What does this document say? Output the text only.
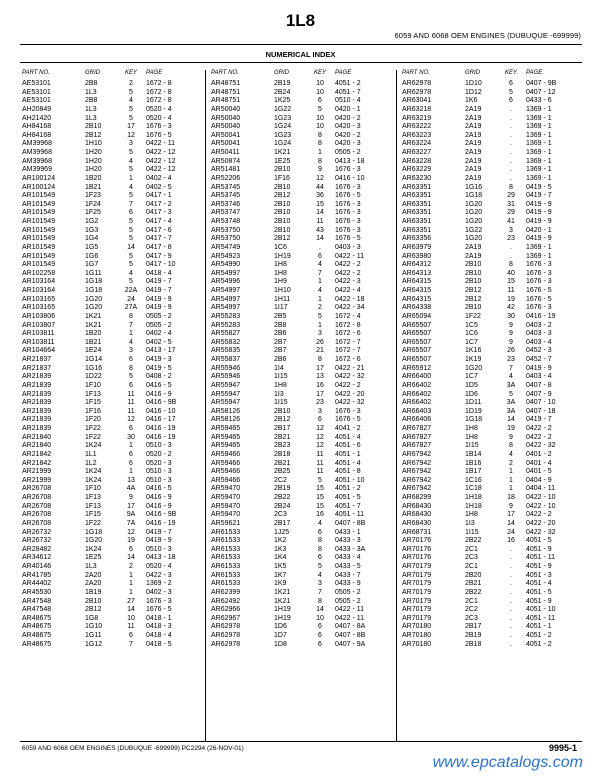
1L8
6059 AND 6068 OEM ENGINES (DUBUQUE -699999)
NUMERICAL INDEX
PART NO.	GRID	KEY PAGE	PART NO.	GRID	KEY PAGE	PART NO.	GRID	KEY PAGE
AE53101	2B8	2	1672 - 8
AE53101	1L3	5	1672 - 8
AE53101	2B8	4	1672 - 8
AH20849	1L3	5	0520 - 4
AH21420	1L3	5	0520 - 4
AH84168	2B10	17	1676 - 3
AH84168	2B12	12	1676 - 5
AM39968	1H10	3	0422 - 11
AM39968	1H20	5	0422 - 12
AM39968	1H20	4	0422 - 12
AM39969	1H20	5	0422 - 12
AR100124	1B20	1	0402 - 4
AR100124	1B21	4	0402 - 5
AR101549	1F23	5	0417 - 1
AR101549	1F24	7	0417 - 2
AR101549	1F25	6	0417 - 3
AR101549	1G2	5	0417 - 4
AR101549	1G3	5	0417 - 6
AR101549	1G4	5	0417 - 7
AR101549	1G5	14	0417 - 8
AR101549	1G6	5	0417 - 9
AR101549	1G7	5	0417 - 10
AR102258	1G11	4	0418 - 4
AR103164	1G18	5	0419 - 7
AR103164	1G18	22A 0419 - 7
AR103165	1G20	24	0419 - 9
AR103165	1G20	27A 0419 - 9
AR103806	1K21	8	0505 - 2
AR103807	1K21	7	0505 - 2
AR103811	1B20	1	0402 - 4
AR103811	1B21	4	0402 - 5
AR104664	1E24	3	0413 - 17
AR21837	1G14	6	0419 - 3
AR21837	1G16	8	0419 - 5
AR21839	1D22	5	0408 - 2
AR21839	1F10	6	0416 - 5
AR21839	1F13	11	0416 - 9
AR21839	1F15	11	0416 - 9B
AR21839	1F16	11	0416 - 10
AR21839	1F20	12	0416 - 17
AR21839	1F22	6	0416 - 19
AR21840	1F22	30	0416 - 19
AR21840	1K24	1	0510 - 3
AR21842	1L1	6	0520 - 2
AR21842	1L2	6	0520 - 3
AR21999	1K24	1	0510 - 3
AR21999	1K24	13	0510 - 3
AR26708	1F10	4A	0416 - 5
AR26708	1F13	9	0416 - 9
AR26708	1F13	17	0416 - 9
AR26708	1F15	9A	0416 - 9B
AR26708	1F22	7A	0416 - 19
AR26732	1G18	12	0419 - 7
AR26732	1G20	19	0419 - 9
AR28482	1K24	6	0510 - 3
AR34612	1E25	14	0413 - 18
AR40146	1L3	2	0520 - 4
AR41785	2A20	1	0422 - 3
AR44402	2A20	1	1369 - 2
AR45530	1B19	1	0402 - 3
AR47548	2B10	27	1676 - 3
AR47548	2B12	14	1676 - 5
AR48675	1G8	10	0418 - 1
AR48675	1G10	11	0418 - 3
AR48675	1G11	6	0418 - 4
AR48675	1G12	7	0418 - 5
AR48751	2B19	10	4051 - 2
AR48751	2B24	10	4051 - 7
AR48751	1K25	6	0510 - 4
AR50040	1G22	5	0420 - 1
AR50040	1G23	10	0420 - 2
AR50040	1G24	10	0420 - 3
AR50041	1G23	8	0420 - 2
AR50041	1G24	8	0420 - 3
AR50411	1K21	1	0505 - 2
AR50874	1E25	8	0413 - 18
AR51481	2B10	9	1676 - 3
AR52206	1F16	12	0416 - 10
AR53745	2B10	44	1676 - 3
AR53745	2B12	36	1676 - 5
AR53746	2B10	15	1676 - 3
AR53747	2B10	14	1676 - 3
AR53748	2B10	11	1676 - 3
AR53750	2B10	43	1676 - 3
AR53750	2B12	14	1676 - 5
AR54749	1C6	.	0403 - 3
AR54923	1H19	6	0422 - 11
AR54990	1H8	4	0422 - 2
AR54997	1H8	7	0422 - 2
AR54996	1H9	1	0422 - 3
AR54997	1H10	4	0422 - 4
AR54997	1H11	1	0422 - 18
AR54997	1I17	2	0422 - 34
AR55283	2B5	5	1672 - 4
AR55283	2B8	1	1672 - 8
AR55827	2B6	3	1672 - 6
AR55832	2B7	26	1672 - 7
AR55835	2B7	21	1672 - 7
AR55837	2B6	8	1672 - 6
AR55946	1I4	17	0422 - 21
AR55946	1I15	13	0422 - 32
AR55947	1H8	16	0422 - 2
AR55947	1I3	17	0422 - 20
AR55947	1I15	23	0422 - 32
AR58126	2B10	3	1676 - 3
AR58126	2B12	6	1676 - 5
AR59465	2B17	12	4041 - 2
AR59465	2B21	12	4051 - 4
AR59465	2B23	12	4051 - 6
AR59466	2B18	11	4051 - 1
AR59466	2B21	11	4051 - 4
AR59466	2B25	11	4051 - 8
AR59466	2C2	5	4051 - 10
AR59470	2B19	15	4051 - 2
AR59470	2B22	15	4051 - 5
AR59470	2B24	15	4051 - 7
AR59470	2C3	16	4051 - 11
AR59621	2B17	4	0407 - 8B
AR61533	1J25	6	0433 - 1
AR61533	1K2	8	0433 - 3
AR61533	1K3	8	0433 - 3A
AR61533	1K4	6	0433 - 4
AR61533	1K5	5	0433 - 5
AR61533	1K7	4	0433 - 7
AR61533	1K9	3	0433 - 9
AR62399	1K21	7	0505 - 2
AR62492	1K21	8	0505 - 2
AR62966	1H19	14	0422 - 11
AR62967	1H19	10	0422 - 11
AR62978	1D6	6	0407 - 8A
AR62978	1D7	6	0407 - 8B
AR62978	1D8	6	0407 - 9A
AR62978	1D10	6	0407 - 9B
AR62978	1D12	5	0407 - 12
AR63041	1K6	6	0433 - 6
AR63218	2A19	.	1369 - 1
AR63219	2A19	.	1369 - 1
AR63222	2A19	.	1369 - 1
AR63223	2A19	.	1369 - 1
AR63224	2A19	.	1369 - 1
AR63227	2A19	.	1369 - 1
AR63228	2A19	.	1369 - 1
AR63229	2A19	.	1369 - 1
AR63230	2A19	.	1369 - 1
AR63351	1G16	8	0419 - 5
AR63351	1G18	29	0419 - 7
AR63351	1G20	31	0419 - 9
AR63351	1G20	29	0419 - 9
AR63351	1G20	41	0419 - 9
AR63351	1G22	3	0420 - 1
AR63356	1G20	23	0419 - 9
AR63979	2A19	.	1369 - 1
AR63980	2A19	.	1369 - 1
AR64312	2B10	8	1676 - 3
AR64313	2B10	40	1676 - 3
AR64315	2B10	15	1676 - 3
AR64315	2B12	11	1676 - 5
AR64315	2B12	19	1676 - 5
AR64338	2B10	42	1676 - 3
AR65094	1F22	30	0416 - 19
AR65507	1C5	9	0403 - 2
AR65507	1C6	9	0403 - 3
AR65507	1C7	9	0403 - 4
AR65507	1K16	26	0452 - 3
AR65507	1K19	23	0452 - 7
AR65912	1G20	7	0419 - 9
AR66400	1C7	4	0403 - 4
AR66402	1D5	3A	0407 - 8
AR66402	1D6	5	0407 - 9
AR66402	1D11	3A	0407 - 10
AR66403	1D19	3A	0407 - 18
AR66406	1G18	14	0419 - 7
AR67827	1H8	19	0422 - 2
AR67827	1H8	9	0422 - 2
AR67827	1I15	8	0422 - 32
AR67942	1B14	4	0401 - 2
AR67942	1B16	2	0401 - 4
AR67942	1B17	1	0401 - 5
AR67942	1C16	1	0404 - 9
AR67942	1C18	1	0404 - 11
AR68299	1H18	18	0422 - 10
AR68430	1H18	9	0422 - 10
AR68430	1H8	17	0422 - 2
AR68430	1I3	14	0422 - 20
AR68731	1I15	24	0422 - 32
AR70176	2B22	16	4051 - 5
AR70176	2C1	.	4051 - 9
AR70176	2C3	.	4051 - 11
AR70179	2C1	.	4051 - 9
AR70179	2B20	.	4051 - 3
AR70179	2B21	.	4051 - 4
AR70179	2B22	.	4051 - 5
AR70179	2C1	.	4051 - 9
AR70179	2C2	.	4051 - 10
AR70179	2C3	.	4051 - 11
AR70180	2B17	.	4051 - 1
AR70180	2B19	.	4051 - 2
AR70180	2B18	.	4051 - 2
6059 AND 6068 OEM ENGINES (DUBUQUE -699999) PC2294 (26-NOV-01)	9995-1
www.epcatalogs.com
